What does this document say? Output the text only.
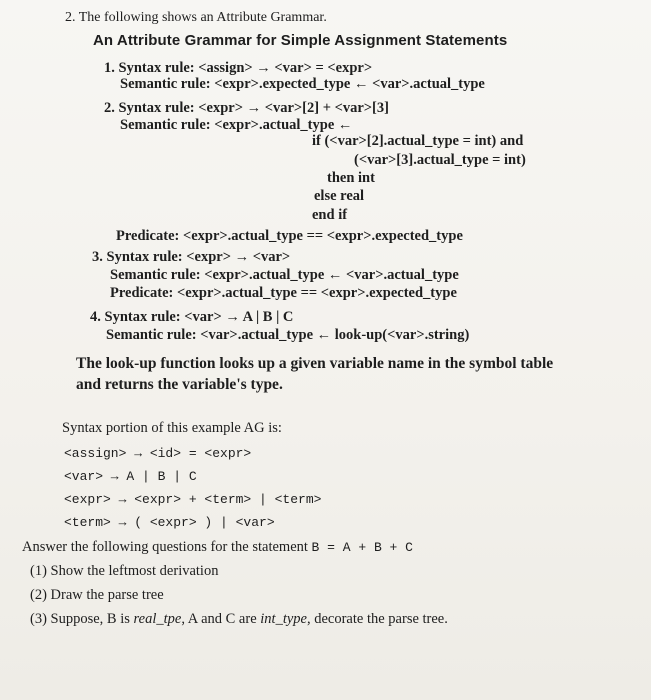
2. The following shows an Attribute Grammar.
An Attribute Grammar for Simple Assignment Statements
1. Syntax rule: <assign> → <var> = <expr>
Semantic rule: <expr>.expected_type ← <var>.actual_type
2. Syntax rule: <expr> → <var>[2] + <var>[3]
Semantic rule: <expr>.actual_type ←
if (<var>[2].actual_type = int) and
(<var>[3].actual_type = int)
then int
else real
end if
Predicate: <expr>.actual_type == <expr>.expected_type
3. Syntax rule: <expr> → <var>
Semantic rule: <expr>.actual_type ← <var>.actual_type
Predicate: <expr>.actual_type == <expr>.expected_type
4. Syntax rule: <var> → A | B | C
Semantic rule: <var>.actual_type ← look-up(<var>.string)
The look-up function looks up a given variable name in the symbol table
and returns the variable's type.
Syntax portion of this example AG is:
<assign> → <id> = <expr>
<var> → A | B | C
<expr> → <expr> + <term> | <term>
<term> → ( <expr> ) | <var>
Answer the following questions for the statement B = A + B + C
(1) Show the leftmost derivation
(2) Draw the parse tree
(3) Suppose, B is real_tpe, A and C are int_type, decorate the parse tree.
